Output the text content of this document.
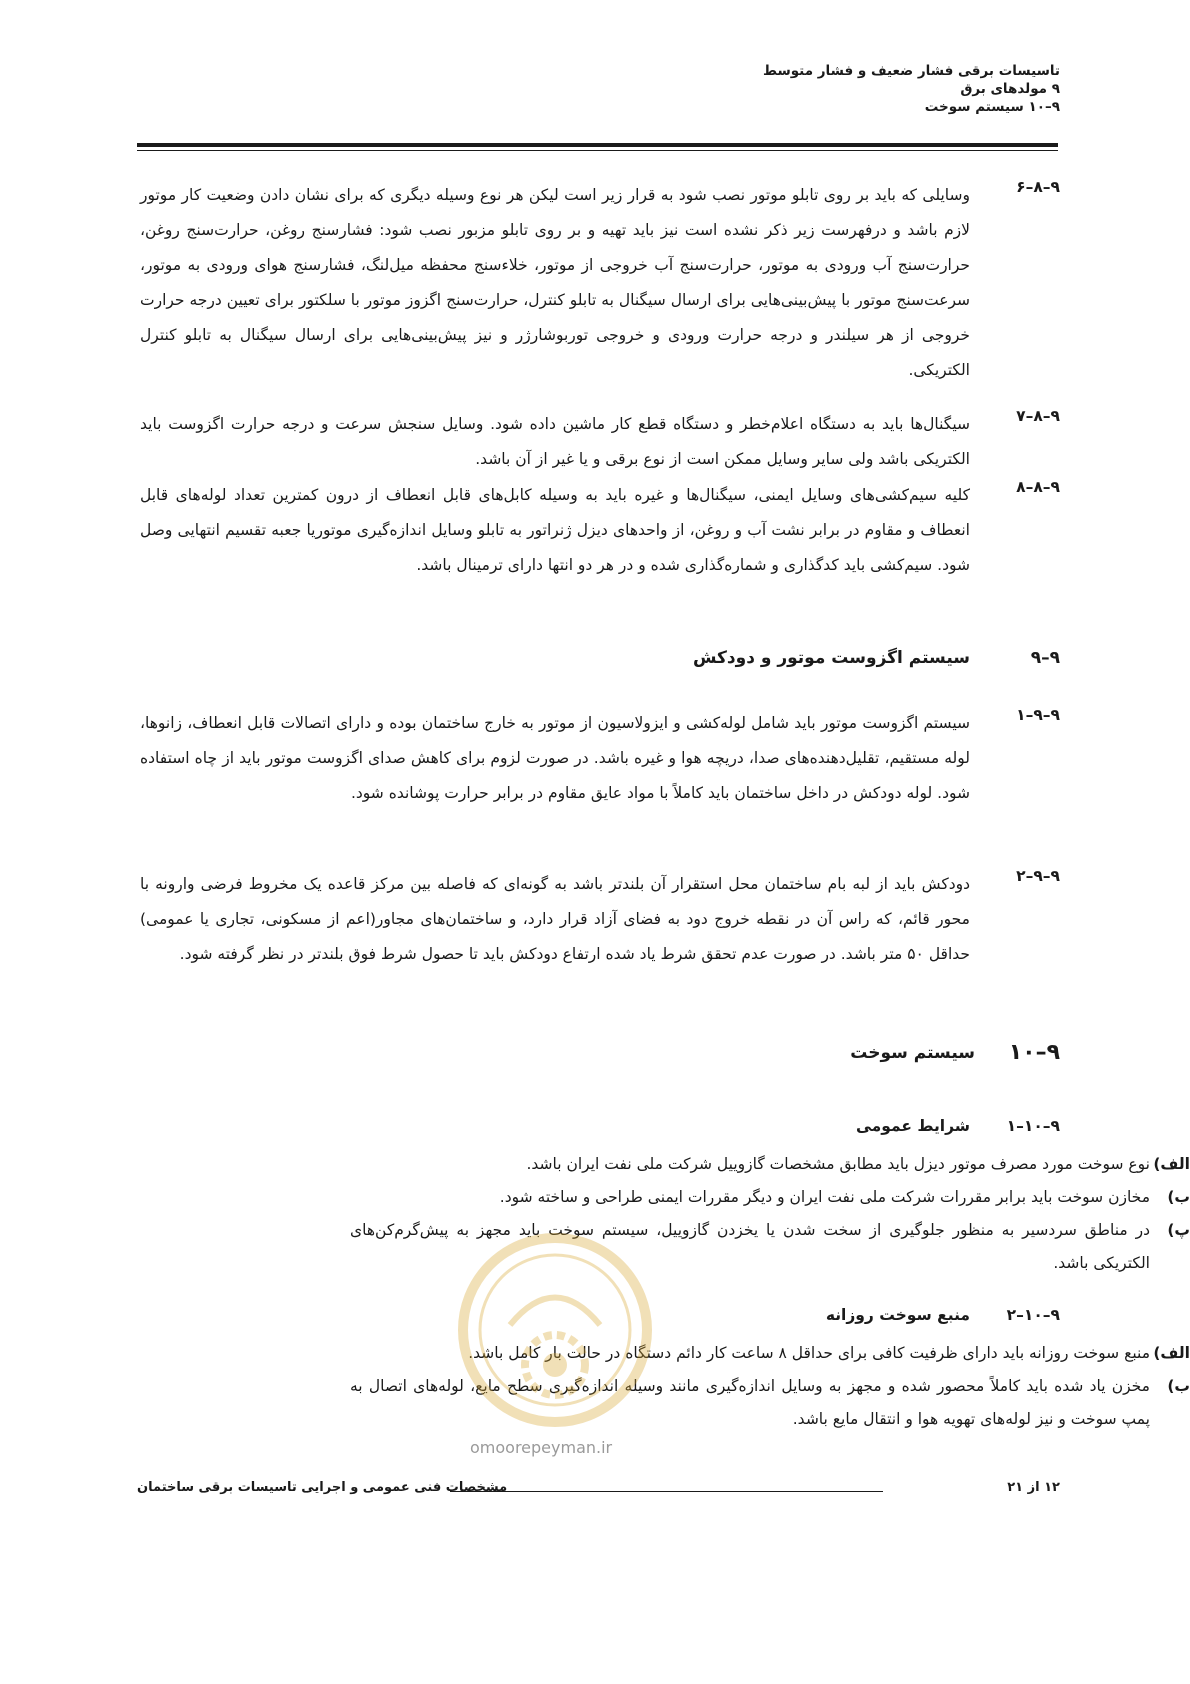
تاسیسات برقی فشار ضعیف و فشار متوسط
۹ مولدهای برق
۹–۱۰ سیستم سوخت
۹–۸–۶
وسایلی که باید بر روی تابلو موتور نصب شود به قرار زیر است لیکن هر نوع وسیله دیگری که برای نشان دادن وضعیت کار موتور لازم باشد و درفهرست زیر ذکر نشده است نیز باید تهیه و بر روی تابلو مزبور نصب شود: فشارسنج روغن، حرارت‌سنج روغن، حرارت‌سنج آب ورودی به موتور، حرارت‌سنج آب خروجی از موتور، خلاء‌سنج محفظه میل‌لنگ، فشارسنج هوای ورودی به موتور، سرعت‌سنج موتور با پیش‌بینی‌هایی برای ارسال سیگنال به تابلو کنترل، حرارت‌سنج اگزوز موتور با سلکتور برای تعیین درجه حرارت خروجی از هر سیلندر و درجه حرارت ورودی و خروجی توربوشارژر و نیز پیش‌بینی‌هایی برای ارسال سیگنال به تابلو کنترل الکتریکی.
۹–۸–۷
سیگنال‌ها باید به دستگاه اعلام‌خطر و دستگاه قطع کار ماشین داده شود. وسایل سنجش سرعت و درجه حرارت اگزوست باید الکتریکی باشد ولی سایر وسایل ممکن است از نوع برقی و یا غیر از آن باشد.
۹–۸–۸
کلیه سیم‌کشی‌های وسایل ایمنی، سیگنال‌ها و غیره باید به وسیله کابل‌های قابل انعطاف از درون کمترین تعداد لوله‌های قابل انعطاف و مقاوم در برابر نشت آب و روغن، از واحدهای دیزل ژنراتور به تابلو وسایل اندازه‌گیری موتوریا جعبه تقسیم انتهایی وصل شود. سیم‌کشی باید کدگذاری و شماره‌گذاری شده و در هر دو انتها دارای ترمینال باشد.
۹–۹
سیستم اگزوست موتور و دودکش
۹–۹–۱
سیستم اگزوست موتور باید شامل لوله‌کشی و ایزولاسیون از موتور به خارج ساختمان بوده و دارای اتصالات قابل انعطاف، زانوها، لوله مستقیم، تقلیل‌دهنده‌های صدا، دریچه هوا و غیره باشد. در صورت لزوم برای کاهش صدای اگزوست موتور باید از چاه استفاده شود. لوله دودکش در داخل ساختمان باید کاملاً با مواد عایق مقاوم در برابر حرارت پوشانده شود.
۹–۹–۲
دودکش باید از لبه بام ساختمان محل استقرار آن بلندتر باشد به گونه‌ای که فاصله بین مرکز قاعده یک مخروط فرضی وارونه با محور قائم، که راس آن در نقطه خروج دود به فضای آزاد قرار دارد، و ساختمان‌های مجاور(اعم از مسکونی، تجاری یا عمومی) حداقل ۵۰ متر باشد. در صورت عدم تحقق شرط یاد شده ارتفاع دودکش باید تا حصول شرط فوق بلندتر در نظر گرفته شود.
۹–۱۰
سیستم سوخت
۹–۱۰–۱
شرایط عمومی
الف)
نوع سوخت مورد مصرف موتور دیزل باید مطابق مشخصات گازوییل شرکت ملی نفت ایران باشد.
ب)
مخازن سوخت باید برابر مقررات شرکت ملی نفت ایران و دیگر مقررات ایمنی طراحی و ساخته شود.
پ)
در مناطق سردسیر به منظور جلوگیری از سخت شدن یا یخزدن گازوییل، سیستم سوخت باید مجهز به پیش‌گرم‌کن‌های الکتریکی باشد.
۹–۱۰–۲
منبع سوخت روزانه
الف)
منبع سوخت روزانه باید دارای ظرفیت کافی برای حداقل ۸ ساعت کار دائم دستگاه در حالت بار کامل باشد.
ب)
مخزن یاد شده باید کاملاً محصور شده و مجهز به وسایل اندازه‌گیری مانند وسیله اندازه‌گیری سطح مایع، لوله‌های اتصال به پمپ سوخت و نیز لوله‌های تهویه هوا و انتقال مایع باشد.
omoorepeyman.ir
۱۲ از ۲۱
مشخصات فنی عمومی و اجرایی تاسیسات برقی ساختمان
